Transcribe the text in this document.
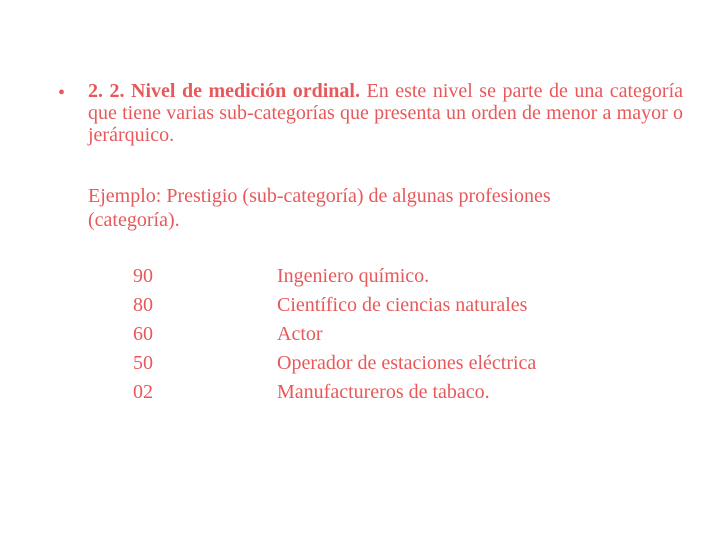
• 2. 2. Nivel de medición ordinal. En este nivel se parte de una categoría que tiene varias sub-categorías que presenta un orden de menor a mayor o jerárquico.
Ejemplo: Prestigio (sub-categoría) de algunas profesiones
(categoría).
90
80
60
50
02
Ingeniero químico.
Científico de ciencias naturales
Actor
Operador de estaciones eléctrica
Manufactureros de tabaco.
